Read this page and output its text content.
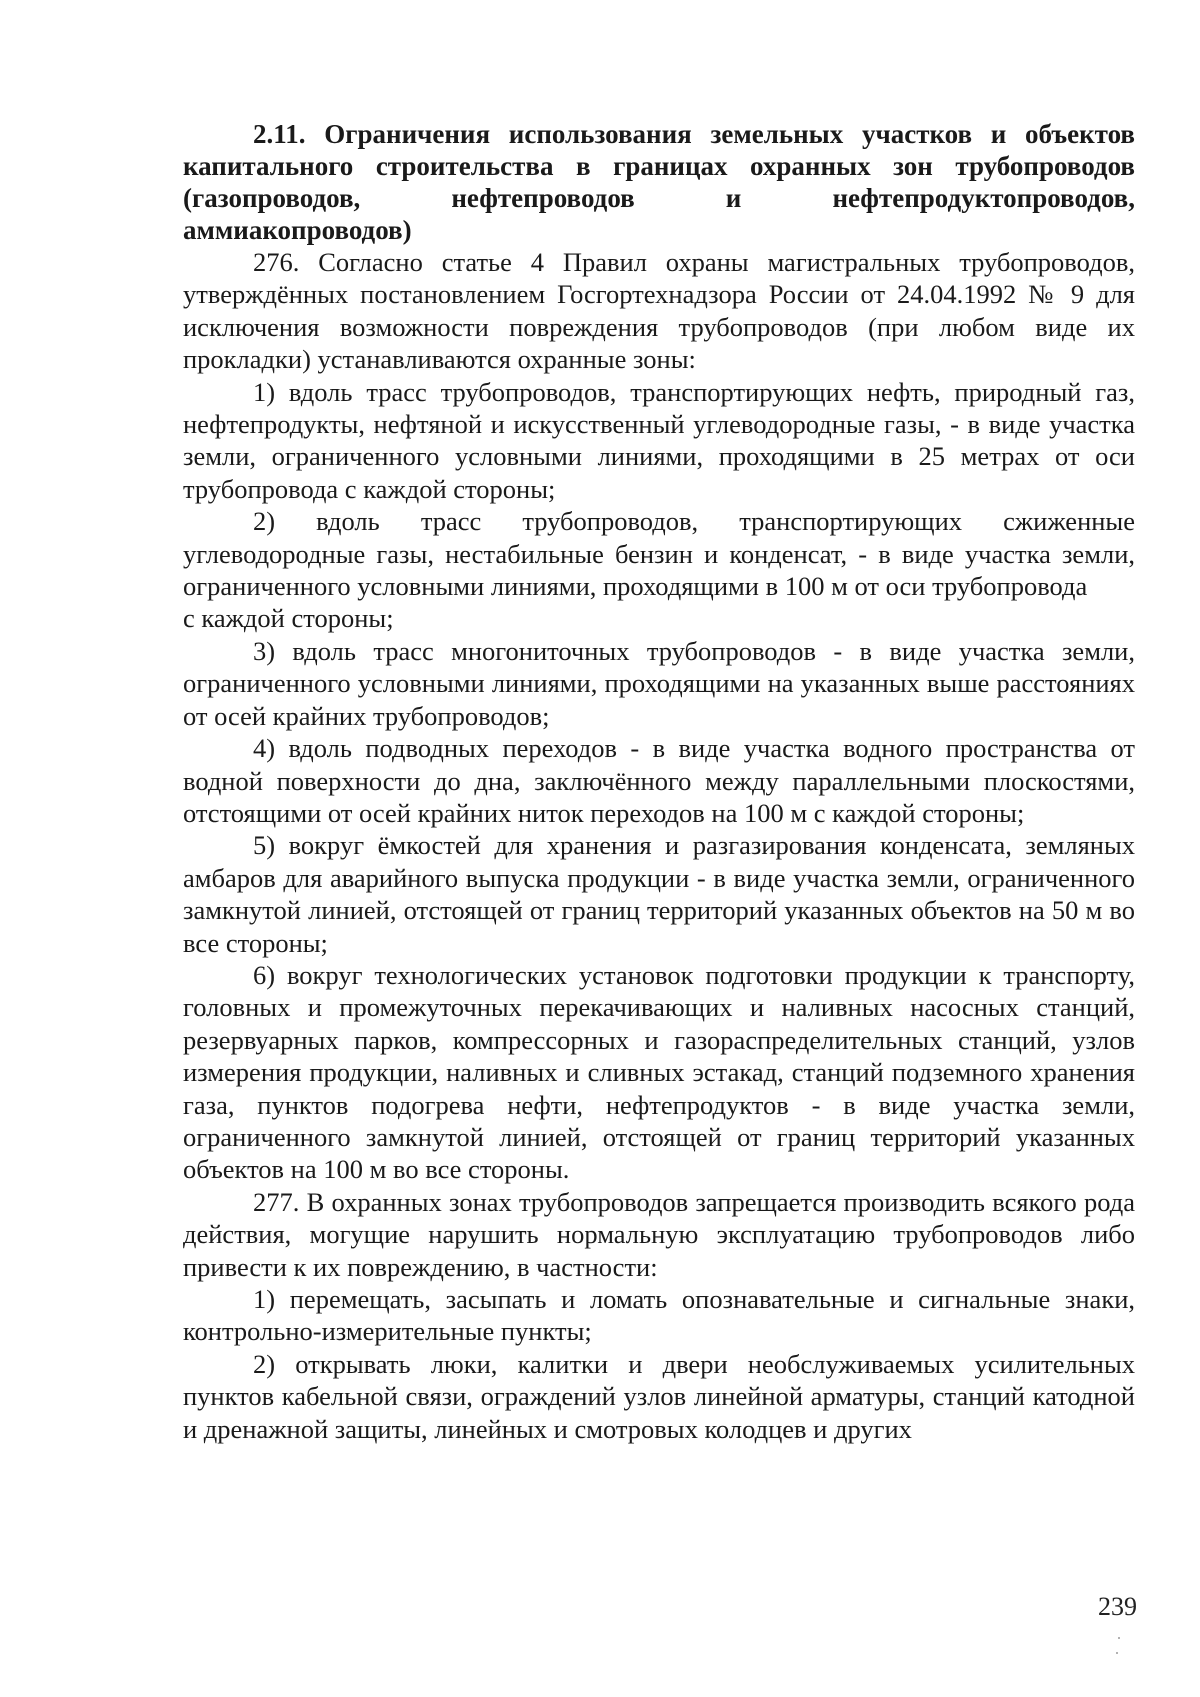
2.11. Ограничения использования земельных участков и объектов
капитального строительства в границах охранных зон трубопроводов
(газопроводов, нефтепроводов и нефтепродуктопроводов,
аммиакопроводов)

276. Согласно статье 4 Правил охраны магистральных трубопроводов, утверждённых постановлением Госгортехнадзора России от 24.04.1992 № 9 для исключения возможности повреждения трубопроводов (при любом виде их прокладки) устанавливаются охранные зоны:

1) вдоль трасс трубопроводов, транспортирующих нефть, природный газ, нефтепродукты, нефтяной и искусственный углеводородные газы, - в виде участка земли, ограниченного условными линиями, проходящими в 25 метрах от оси трубопровода с каждой стороны;

2) вдоль трасс трубопроводов, транспортирующих сжиженные углеводородные газы, нестабильные бензин и конденсат, - в виде участка земли, ограниченного условными линиями, проходящими в 100 м от оси трубопровода

с каждой стороны;

3) вдоль трасс многониточных трубопроводов - в виде участка земли, ограниченного условными линиями, проходящими на указанных выше расстояниях от осей крайних трубопроводов;

4) вдоль подводных переходов - в виде участка водного пространства от водной поверхности до дна, заключённого между параллельными плоскостями, отстоящими от осей крайних ниток переходов на 100 м с каждой стороны;

5) вокруг ёмкостей для хранения и разгазирования конденсата, земляных амбаров для аварийного выпуска продукции - в виде участка земли, ограниченного замкнутой линией, отстоящей от границ территорий указанных объектов на 50 м во все стороны;

6) вокруг технологических установок подготовки продукции к транспорту, головных и промежуточных перекачивающих и наливных насосных станций, резервуарных парков, компрессорных и газораспределительных станций, узлов измерения продукции, наливных и сливных эстакад, станций подземного хранения газа, пунктов подогрева нефти, нефтепродуктов - в виде участка земли, ограниченного замкнутой линией, отстоящей от границ территорий указанных объектов на 100 м во все стороны.

277. В охранных зонах трубопроводов запрещается производить всякого рода действия, могущие нарушить нормальную эксплуатацию трубопроводов либо привести к их повреждению, в частности:

1) перемещать, засыпать и ломать опознавательные и сигнальные знаки, контрольно-измерительные пункты;

2) открывать люки, калитки и двери необслуживаемых усилительных пунктов кабельной связи, ограждений узлов линейной арматуры, станций катодной и дренажной защиты, линейных и смотровых колодцев и других

239
